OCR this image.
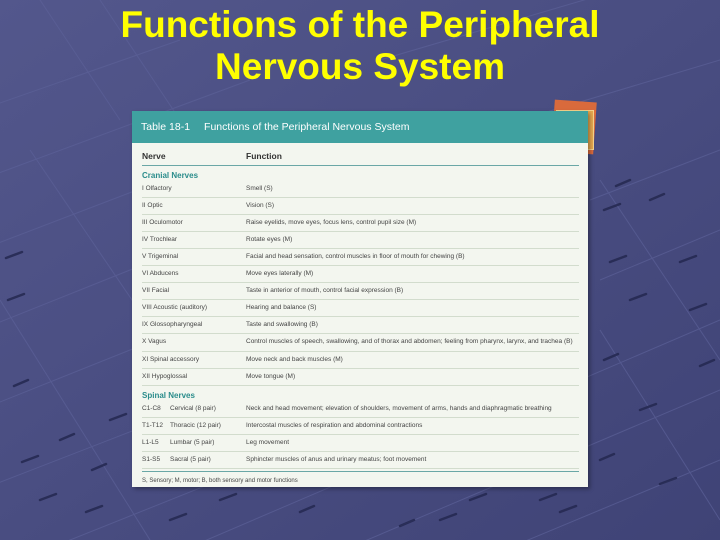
Functions of the Peripheral
Nervous System
Table 18-1 Functions of the Peripheral Nervous System
Nerve	Function
Cranial Nerves
I Olfactory	Smell (S)
II Optic	Vision (S)
III Oculomotor	Raise eyelids, move eyes, focus lens, control pupil size (M)
IV Trochlear	Rotate eyes (M)
V Trigeminal	Facial and head sensation, control muscles in floor of mouth for chewing (B)
VI Abducens	Move eyes laterally (M)
VII Facial	Taste in anterior of mouth, control facial expression (B)
VIII Acoustic (auditory)	Hearing and balance (S)
IX Glossopharyngeal	Taste and swallowing (B)
X Vagus	Control muscles of speech, swallowing, and of thorax and abdomen; feeling from pharynx, larynx, and trachea (B)
XI Spinal accessory	Move neck and back muscles (M)
XII Hypoglossal	Move tongue (M)
Spinal Nerves
C1-C8	Cervical (8 pair)	Neck and head movement; elevation of shoulders, movement of arms, hands and diaphragmatic breathing
T1-T12	Thoracic (12 pair)	Intercostal muscles of respiration and abdominal contractions
L1-L5	Lumbar (5 pair)	Leg movement
S1-S5	Sacral (5 pair)	Sphincter muscles of anus and urinary meatus; foot movement
S, Sensory; M, motor; B, both sensory and motor functions
